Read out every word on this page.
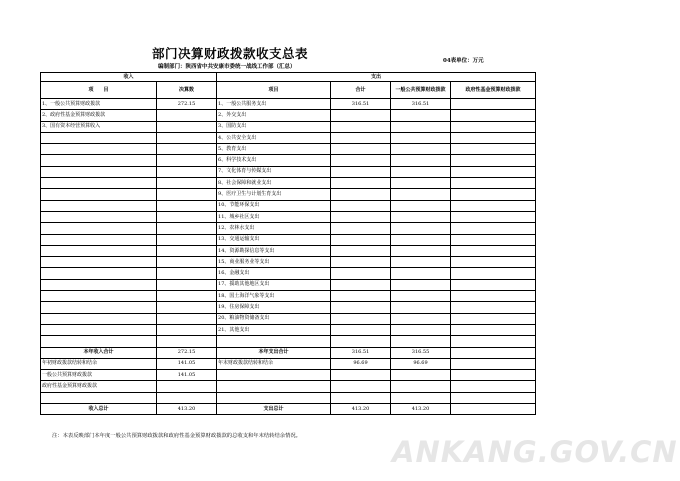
部门决算财政拨款收支总表
编制部门：陕西省中共安康市委统一战线工作部（汇总）
04表单位：万元
收入		支出			
项　　目	决算数	项目	合计	一般公共预算财政拨款	政府性基金预算财政拨款
1、一般公共预算财政拨款	272.15	1、一般公共服务支出	316.51	316.51	
2、政府性基金预算财政拨款		2、外交支出			
3、国有资本经营预算收入		3、国防支出			
		4、公共安全支出			
		5、教育支出			
		6、科学技术支出			
		7、文化体育与传媒支出			
		8、社会保障和就业支出			
		9、医疗卫生与计划生育支出			
		10、节能环保支出			
		11、城乡社区支出			
		12、农林水支出			
		13、交通运输支出			
		14、资源勘探信息等支出			
		15、商业服务业等支出			
		16、金融支出			
		17、援助其他地区支出			
		18、国土海洋气象等支出			
		19、住房保障支出			
		20、粮油物资储备支出			
		21、其他支出			

本年收入合计	272.15	本年支出合计	316.51	316.55	
年初财政拨款结转和结余	141.05	年末财政拨款结转和结余	96.69	96.69	
一般公共预算财政拨款	141.05				
政府性基金预算财政拨款					

收入总计	413.20	支出总计	413.20	413.20	
注：本表反映部门本年度一般公共预算财政拨款和政府性基金预算财政拨款的总收支和年末结转结余情况。	ANKANG.GOV.CN
